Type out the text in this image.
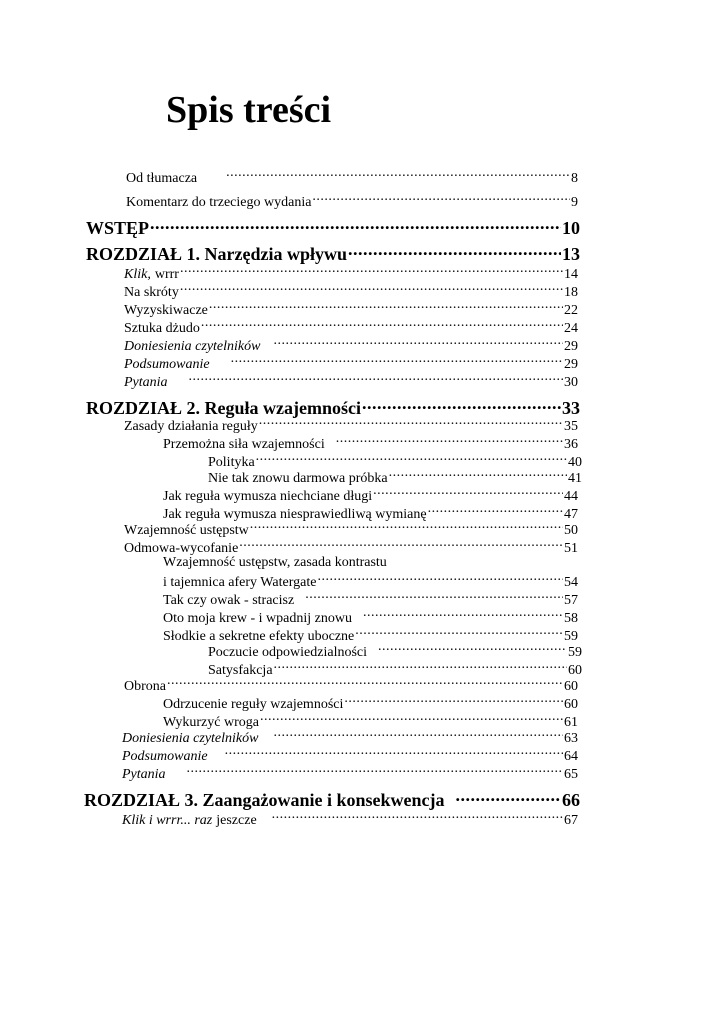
Spis treści
Od tłumacza .....	8
Komentarz do trzeciego wydania .....	9
WSTĘP .....	10
ROZDZIAŁ 1. Narzędzia wpływu .....	13
Klik, wrrr .....	14
Na skróty .....	18
Wyzyskiwacze .....	22
Sztuka dżudo .....	24
Doniesienia czytelników .....	29
Podsumowanie .....	29
Pytania .....	30
ROZDZIAŁ 2. Reguła wzajemności .....	33
Zasady działania reguły .....	35
Przemożna siła wzajemności .....	36
Polityka .....	40
Nie tak znowu darmowa próbka .....	41
Jak reguła wymusza niechciane długi .....	44
Jak reguła wymusza niesprawiedliwą wymianę .....	47
Wzajemność ustępstw .....	50
Odmowa-wycofanie .....	51
Wzajemność ustępstw, zasada kontrastu
i tajemnica afery Watergate .....	54
Tak czy owak - stracisz .....	57
Oto moja krew - i wpadnij znowu .....	58
Słodkie a sekretne efekty uboczne .....	59
Poczucie odpowiedzialności .....	59
Satysfakcja .....	60
Obrona .....	60
Odrzucenie reguły wzajemności .....	60
Wykurzyć wroga .....	61
Doniesienia czytelników .....	63
Podsumowanie .....	64
Pytania .....	65
ROZDZIAŁ 3. Zaangażowanie i konsekwencja .....	66
Klik i wrrr... raz jeszcze .....	67
